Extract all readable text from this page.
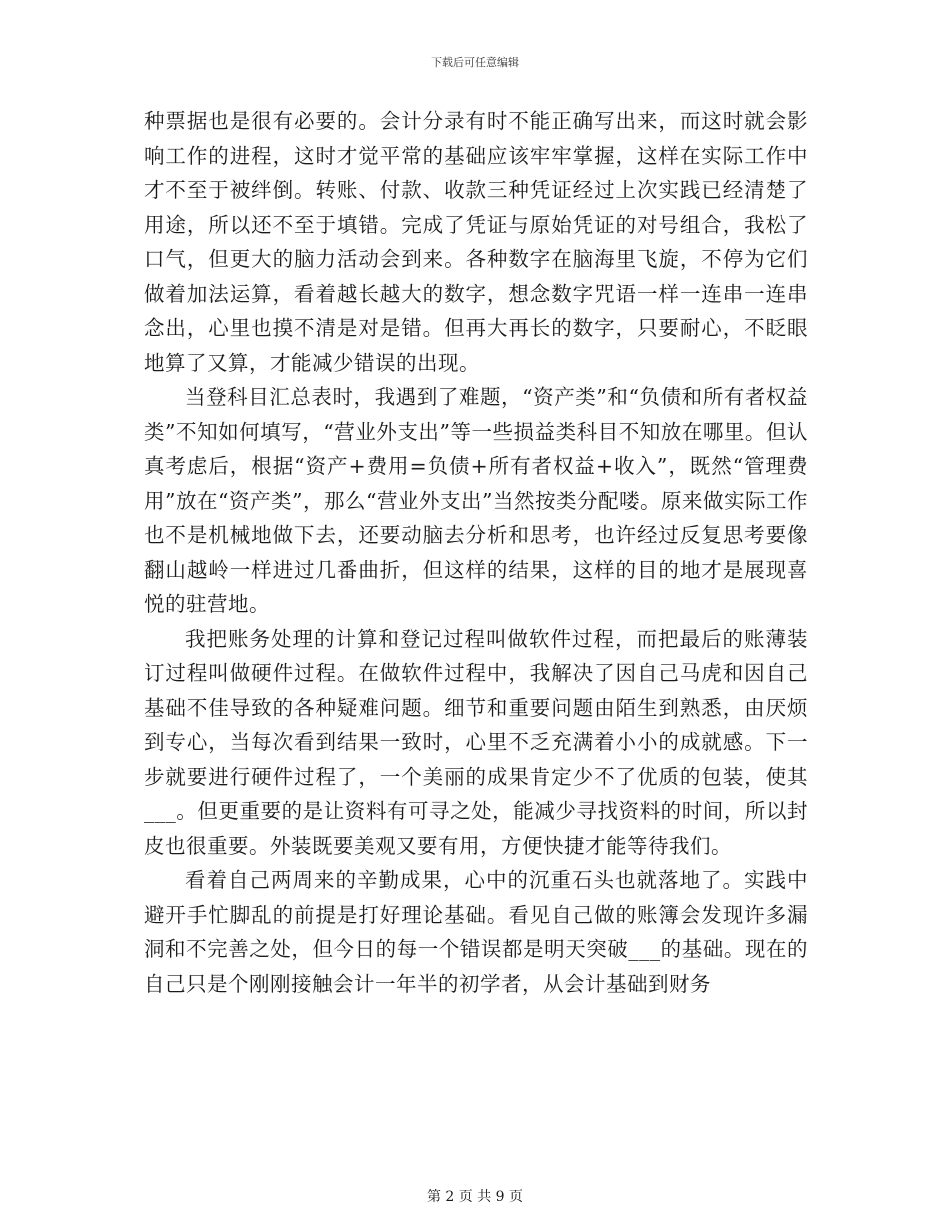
下载后可任意编辑

种票据也是很有必要的。会计分录有时不能正确写出来，而这时就会影响工作的进程，这时才觉平常的基础应该牢牢掌握，这样在实际工作中才不至于被绊倒。转账、付款、收款三种凭证经过上次实践已经清楚了用途，所以还不至于填错。完成了凭证与原始凭证的对号组合，我松了口气，但更大的脑力活动会到来。各种数字在脑海里飞旋，不停为它们做着加法运算，看着越长越大的数字，想念数字咒语一样一连串一连串念出，心里也摸不清是对是错。但再大再长的数字，只要耐心，不眨眼地算了又算，才能减少错误的出现。

当登科目汇总表时，我遇到了难题，“资产类”和“负债和所有者权益类”不知如何填写，“营业外支出”等一些损益类科目不知放在哪里。但认真考虑后，根据“资产+费用=负债+所有者权益+收入”，既然“管理费用”放在“资产类”，那么“营业外支出”当然按类分配喽。原来做实际工作也不是机械地做下去，还要动脑去分析和思考，也许经过反复思考要像翻山越岭一样进过几番曲折，但这样的结果，这样的目的地才是展现喜悦的驻营地。

我把账务处理的计算和登记过程叫做软件过程，而把最后的账薄装订过程叫做硬件过程。在做软件过程中，我解决了因自己马虎和因自己基础不佳导致的各种疑难问题。细节和重要问题由陌生到熟悉，由厌烦到专心，当每次看到结果一致时，心里不乏充满着小小的成就感。下一步就要进行硬件过程了，一个美丽的成果肯定少不了优质的包装，使其___。但更重要的是让资料有可寻之处，能减少寻找资料的时间，所以封皮也很重要。外装既要美观又要有用，方便快捷才能等待我们。

看着自己两周来的辛勤成果，心中的沉重石头也就落地了。实践中避开手忙脚乱的前提是打好理论基础。看见自己做的账簿会发现许多漏洞和不完善之处，但今日的每一个错误都是明天突破___的基础。现在的自己只是个刚刚接触会计一年半的初学者，从会计基础到财务

第 2 页 共 9 页
